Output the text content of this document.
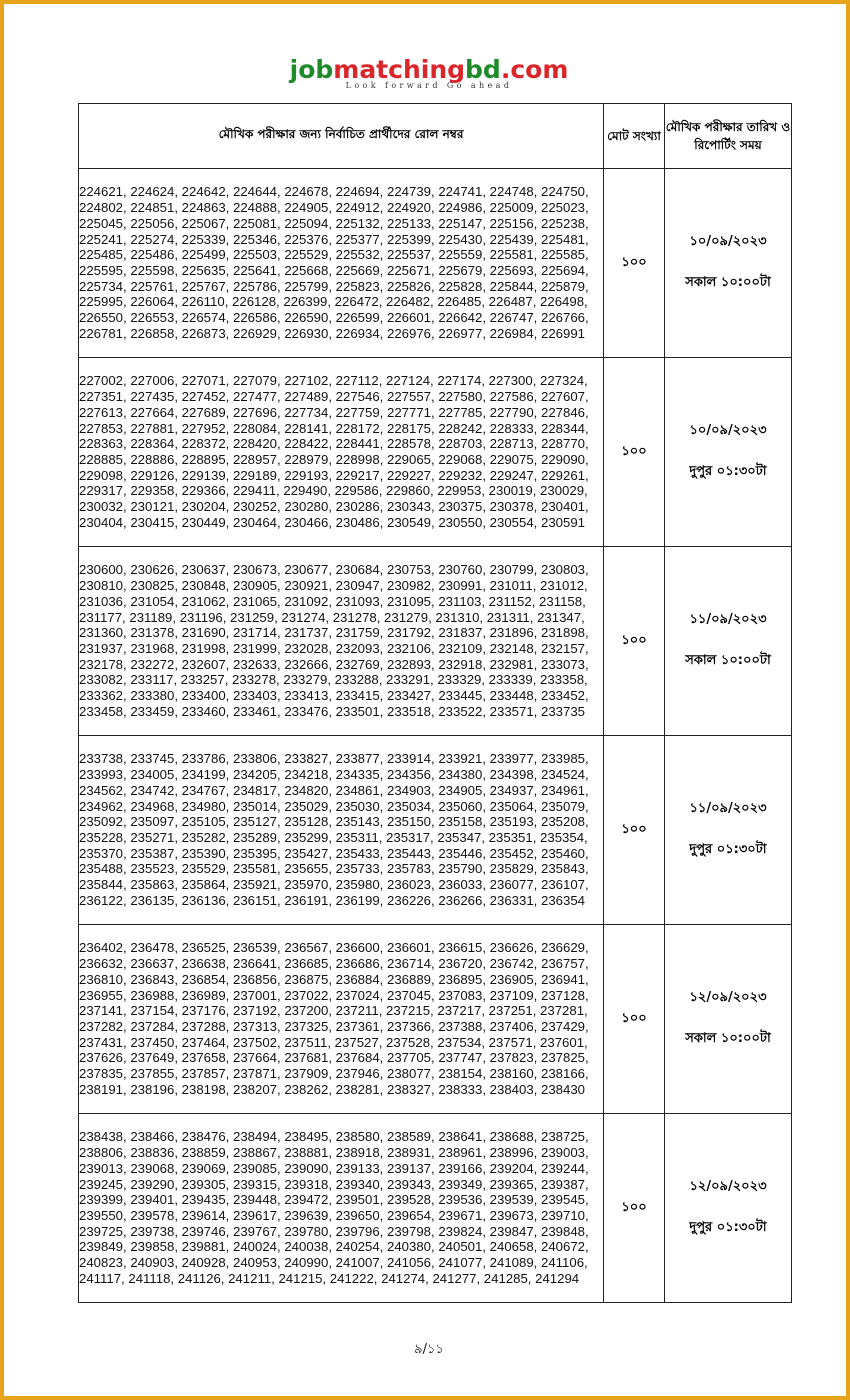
jobmatchingbd.com
Look forward Go ahead
মৌখিক পরীক্ষার জন্য নির্বাচিত প্রার্থীদের রোল নম্বর	মোট সংখ্যা	মৌখিক পরীক্ষার তারিখ ও রিপোর্টিং সময়
224621, 224624, 224642, 224644, 224678, 224694, 224739, 224741, 224748, 224750, 224802, 224851, 224863, 224888, 224905, 224912, 224920, 224986, 225009, 225023, 225045, 225056, 225067, 225081, 225094, 225132, 225133, 225147, 225156, 225238, 225241, 225274, 225339, 225346, 225376, 225377, 225399, 225430, 225439, 225481, 225485, 225486, 225499, 225503, 225529, 225532, 225537, 225559, 225581, 225585, 225595, 225598, 225635, 225641, 225668, 225669, 225671, 225679, 225693, 225694, 225734, 225761, 225767, 225786, 225799, 225823, 225826, 225828, 225844, 225879, 225995, 226064, 226110, 226128, 226399, 226472, 226482, 226485, 226487, 226498, 226550, 226553, 226574, 226586, 226590, 226599, 226601, 226642, 226747, 226766, 226781, 226858, 226873, 226929, 226930, 226934, 226976, 226977, 226984, 226991	১০০	১০/০৯/২০২৩
সকাল ১০:০০টা

227002, 227006, 227071, 227079, 227102, 227112, 227124, 227174, 227300, 227324, 227351, 227435, 227452, 227477, 227489, 227546, 227557, 227580, 227586, 227607, 227613, 227664, 227689, 227696, 227734, 227759, 227771, 227785, 227790, 227846, 227853, 227881, 227952, 228084, 228141, 228172, 228175, 228242, 228333, 228344, 228363, 228364, 228372, 228420, 228422, 228441, 228578, 228703, 228713, 228770, 228885, 228886, 228895, 228957, 228979, 228998, 229065, 229068, 229075, 229090, 229098, 229126, 229139, 229189, 229193, 229217, 229227, 229232, 229247, 229261, 229317, 229358, 229366, 229411, 229490, 229586, 229860, 229953, 230019, 230029, 230032, 230121, 230204, 230252, 230280, 230286, 230343, 230375, 230378, 230401, 230404, 230415, 230449, 230464, 230466, 230486, 230549, 230550, 230554, 230591	১০০	১০/০৯/২০২৩
দুপুর ০১:৩০টা

230600, 230626, 230637, 230673, 230677, 230684, 230753, 230760, 230799, 230803, 230810, 230825, 230848, 230905, 230921, 230947, 230982, 230991, 231011, 231012, 231036, 231054, 231062, 231065, 231092, 231093, 231095, 231103, 231152, 231158, 231177, 231189, 231196, 231259, 231274, 231278, 231279, 231310, 231311, 231347, 231360, 231378, 231690, 231714, 231737, 231759, 231792, 231837, 231896, 231898, 231937, 231968, 231998, 231999, 232028, 232093, 232106, 232109, 232148, 232157, 232178, 232272, 232607, 232633, 232666, 232769, 232893, 232918, 232981, 233073, 233082, 233117, 233257, 233278, 233279, 233288, 233291, 233329, 233339, 233358, 233362, 233380, 233400, 233403, 233413, 233415, 233427, 233445, 233448, 233452, 233458, 233459, 233460, 233461, 233476, 233501, 233518, 233522, 233571, 233735	১০০	১১/০৯/২০২৩
সকাল ১০:০০টা

233738, 233745, 233786, 233806, 233827, 233877, 233914, 233921, 233977, 233985, 233993, 234005, 234199, 234205, 234218, 234335, 234356, 234380, 234398, 234524, 234562, 234742, 234767, 234817, 234820, 234861, 234903, 234905, 234937, 234961, 234962, 234968, 234980, 235014, 235029, 235030, 235034, 235060, 235064, 235079, 235092, 235097, 235105, 235127, 235128, 235143, 235150, 235158, 235193, 235208, 235228, 235271, 235282, 235289, 235299, 235311, 235317, 235347, 235351, 235354, 235370, 235387, 235390, 235395, 235427, 235433, 235443, 235446, 235452, 235460, 235488, 235523, 235529, 235581, 235655, 235733, 235783, 235790, 235829, 235843, 235844, 235863, 235864, 235921, 235970, 235980, 236023, 236033, 236077, 236107, 236122, 236135, 236136, 236151, 236191, 236199, 236226, 236266, 236331, 236354	১০০	১১/০৯/২০২৩
দুপুর ০১:৩০টা

236402, 236478, 236525, 236539, 236567, 236600, 236601, 236615, 236626, 236629, 236632, 236637, 236638, 236641, 236685, 236686, 236714, 236720, 236742, 236757, 236810, 236843, 236854, 236856, 236875, 236884, 236889, 236895, 236905, 236941, 236955, 236988, 236989, 237001, 237022, 237024, 237045, 237083, 237109, 237128, 237141, 237154, 237176, 237192, 237200, 237211, 237215, 237217, 237251, 237281, 237282, 237284, 237288, 237313, 237325, 237361, 237366, 237388, 237406, 237429, 237431, 237450, 237464, 237502, 237511, 237527, 237528, 237534, 237571, 237601, 237626, 237649, 237658, 237664, 237681, 237684, 237705, 237747, 237823, 237825, 237835, 237855, 237857, 237871, 237909, 237946, 238077, 238154, 238160, 238166, 238191, 238196, 238198, 238207, 238262, 238281, 238327, 238333, 238403, 238430	১০০	১২/০৯/২০২৩
সকাল ১০:০০টা

238438, 238466, 238476, 238494, 238495, 238580, 238589, 238641, 238688, 238725, 238806, 238836, 238859, 238867, 238881, 238918, 238931, 238961, 238996, 239003, 239013, 239068, 239069, 239085, 239090, 239133, 239137, 239166, 239204, 239244, 239245, 239290, 239305, 239315, 239318, 239340, 239343, 239349, 239365, 239387, 239399, 239401, 239435, 239448, 239472, 239501, 239528, 239536, 239539, 239545, 239550, 239578, 239614, 239617, 239639, 239650, 239654, 239671, 239673, 239710, 239725, 239738, 239746, 239767, 239780, 239796, 239798, 239824, 239847, 239848, 239849, 239858, 239881, 240024, 240038, 240254, 240380, 240501, 240658, 240672, 240823, 240903, 240928, 240953, 240990, 241007, 241056, 241077, 241089, 241106, 241117, 241118, 241126, 241211, 241215, 241222, 241274, 241277, 241285, 241294	১০০	১২/০৯/২০২৩
দুপুর ০১:৩০টা
৯/১১
